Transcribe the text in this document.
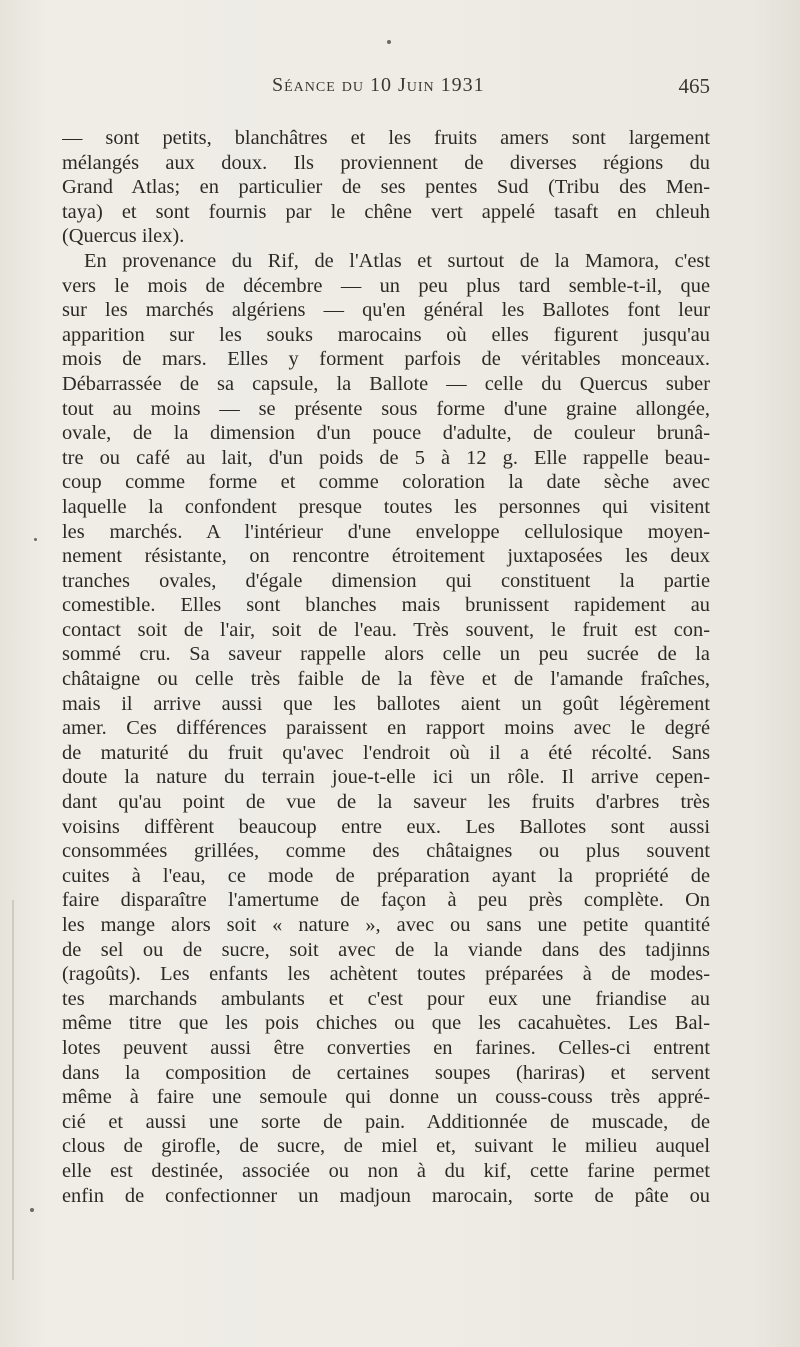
Séance du 10 Juin 1931	465
— sont petits, blanchâtres et les fruits amers sont largement
mélangés aux doux. Ils proviennent de diverses régions du
Grand Atlas; en particulier de ses pentes Sud (Tribu des Men-
taya) et sont fournis par le chêne vert appelé tasaft en chleuh
(Quercus ilex).
En provenance du Rif, de l'Atlas et surtout de la Mamora, c'est
vers le mois de décembre — un peu plus tard semble-t-il, que
sur les marchés algériens — qu'en général les Ballotes font leur
apparition sur les souks marocains où elles figurent jusqu'au
mois de mars. Elles y forment parfois de véritables monceaux.
Débarrassée de sa capsule, la Ballote — celle du Quercus suber
tout au moins — se présente sous forme d'une graine allongée,
ovale, de la dimension d'un pouce d'adulte, de couleur brunâ-
tre ou café au lait, d'un poids de 5 à 12 g. Elle rappelle beau-
coup comme forme et comme coloration la date sèche avec
laquelle la confondent presque toutes les personnes qui visitent
les marchés. A l'intérieur d'une enveloppe cellulosique moyen-
nement résistante, on rencontre étroitement juxtaposées les deux
tranches ovales, d'égale dimension qui constituent la partie
comestible. Elles sont blanches mais brunissent rapidement au
contact soit de l'air, soit de l'eau. Très souvent, le fruit est con-
sommé cru. Sa saveur rappelle alors celle un peu sucrée de la
châtaigne ou celle très faible de la fève et de l'amande fraîches,
mais il arrive aussi que les ballotes aient un goût légèrement
amer. Ces différences paraissent en rapport moins avec le degré
de maturité du fruit qu'avec l'endroit où il a été récolté. Sans
doute la nature du terrain joue-t-elle ici un rôle. Il arrive cepen-
dant qu'au point de vue de la saveur les fruits d'arbres très
voisins diffèrent beaucoup entre eux. Les Ballotes sont aussi
consommées grillées, comme des châtaignes ou plus souvent
cuites à l'eau, ce mode de préparation ayant la propriété de
faire disparaître l'amertume de façon à peu près complète. On
les mange alors soit « nature », avec ou sans une petite quantité
de sel ou de sucre, soit avec de la viande dans des tadjinns
(ragoûts). Les enfants les achètent toutes préparées à de modes-
tes marchands ambulants et c'est pour eux une friandise au
même titre que les pois chiches ou que les cacahuètes. Les Bal-
lotes peuvent aussi être converties en farines. Celles-ci entrent
dans la composition de certaines soupes (hariras) et servent
même à faire une semoule qui donne un couss-couss très appré-
cié et aussi une sorte de pain. Additionnée de muscade, de
clous de girofle, de sucre, de miel et, suivant le milieu auquel
elle est destinée, associée ou non à du kif, cette farine permet
enfin de confectionner un madjoun marocain, sorte de pâte ou
